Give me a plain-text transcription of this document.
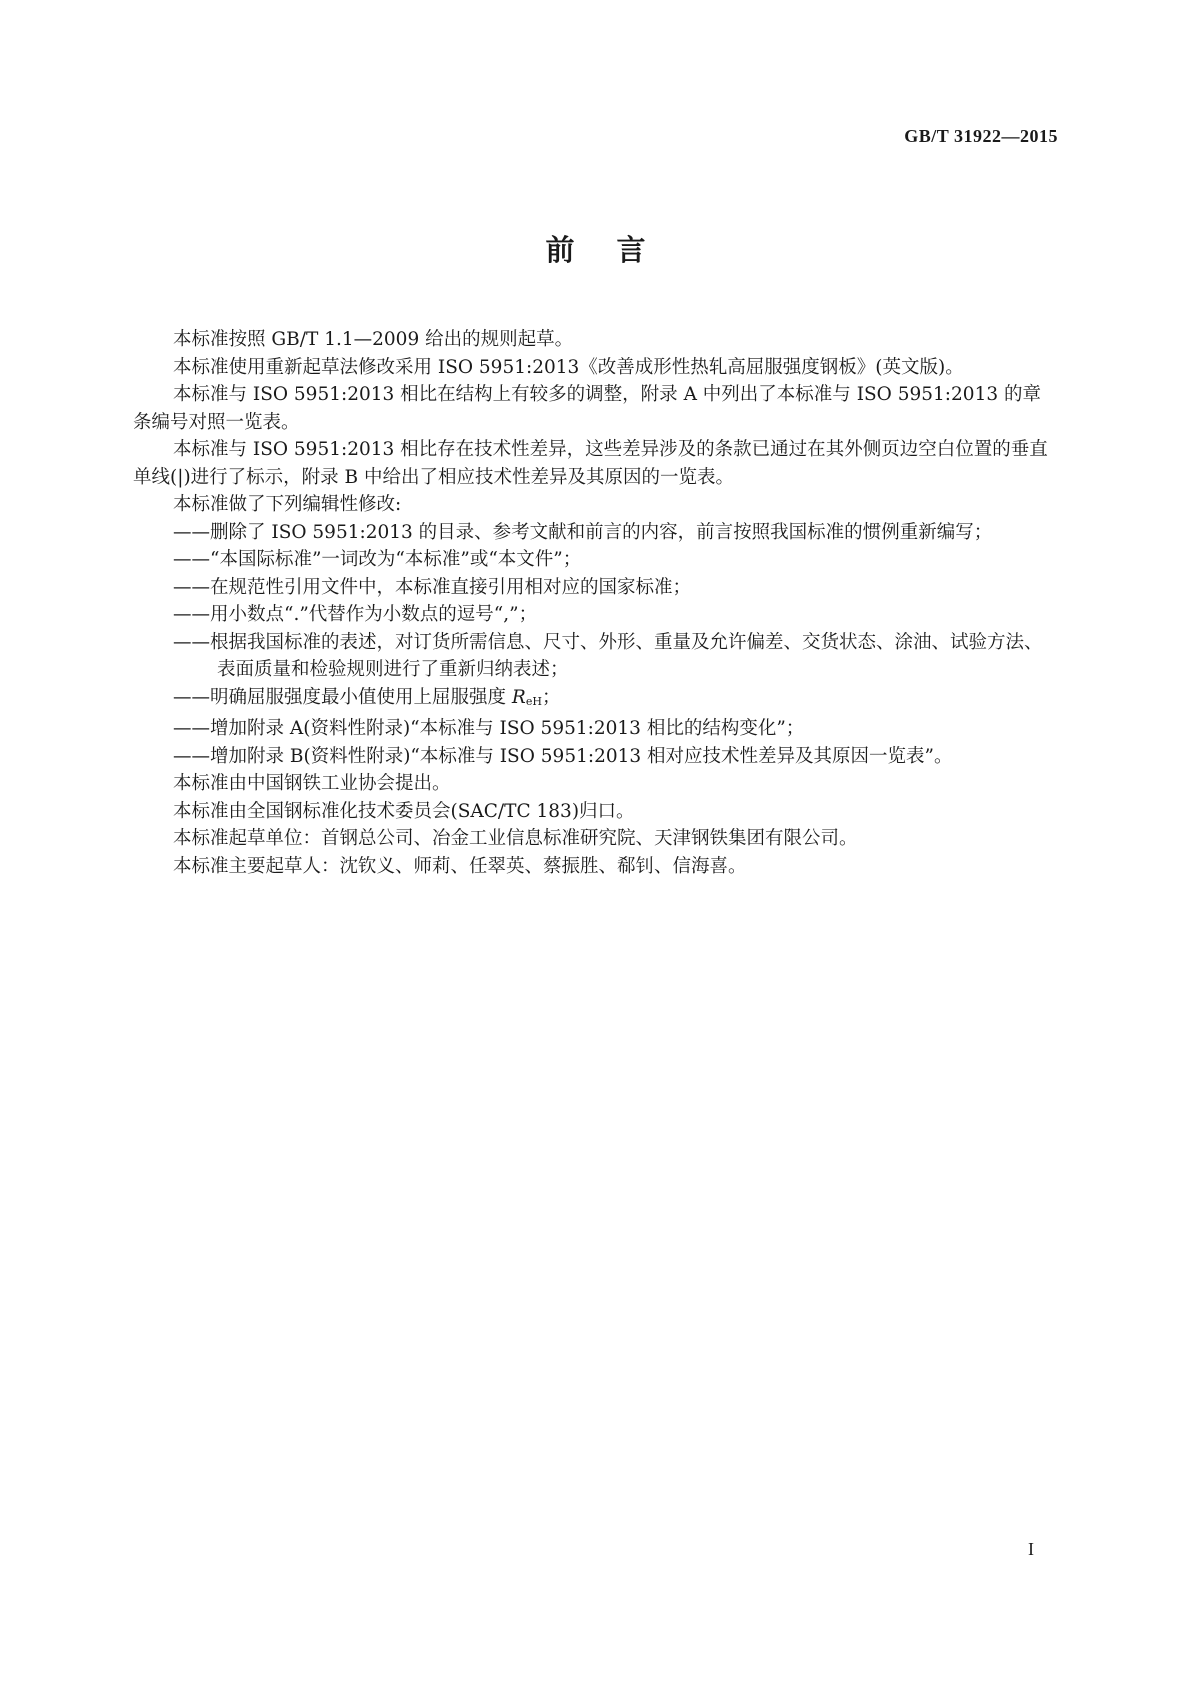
GB/T 31922—2015
前言

本标准按照 GB/T 1.1—2009 给出的规则起草。

本标准使用重新起草法修改采用 ISO 5951:2013《改善成形性热轧高屈服强度钢板》(英文版)。

本标准与 ISO 5951:2013 相比在结构上有较多的调整，附录 A 中列出了本标准与 ISO 5951:2013 的章条编号对照一览表。

本标准与 ISO 5951:2013 相比存在技术性差异，这些差异涉及的条款已通过在其外侧页边空白位置的垂直单线(|)进行了标示，附录 B 中给出了相应技术性差异及其原因的一览表。

本标准做了下列编辑性修改:

——删除了 ISO 5951:2013 的目录、参考文献和前言的内容，前言按照我国标准的惯例重新编写；

——“本国际标准”一词改为“本标准”或“本文件”；

——在规范性引用文件中，本标准直接引用相对应的国家标准；

——用小数点“.”代替作为小数点的逗号“,”；

——根据我国标准的表述，对订货所需信息、尺寸、外形、重量及允许偏差、交货状态、涂油、试验方法、表面质量和检验规则进行了重新归纳表述；

——明确屈服强度最小值使用上屈服强度 ReH；

——增加附录 A(资料性附录)“本标准与 ISO 5951:2013 相比的结构变化”；

——增加附录 B(资料性附录)“本标准与 ISO 5951:2013 相对应技术性差异及其原因一览表”。

本标准由中国钢铁工业协会提出。

本标准由全国钢标准化技术委员会(SAC/TC 183)归口。

本标准起草单位：首钢总公司、冶金工业信息标准研究院、天津钢铁集团有限公司。

本标准主要起草人：沈钦义、师莉、任翠英、蔡振胜、郗钊、信海喜。

I
